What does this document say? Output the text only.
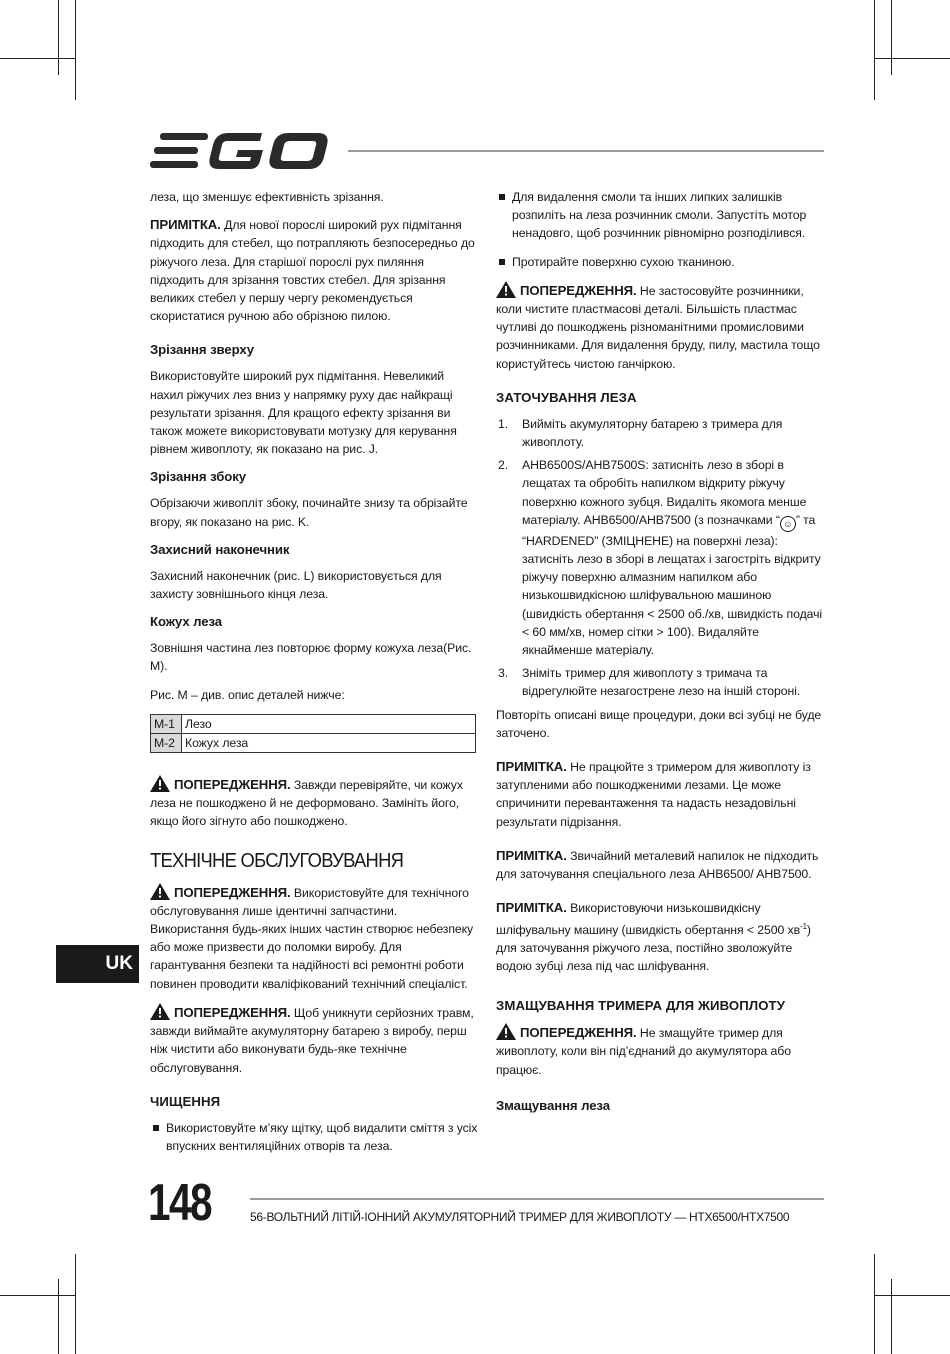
леза, що зменшує ефективність зрізання.

ПРИМІТКА. Для нової порослі широкий рух підмітання підходить для стебел, що потрапляють безпосередньо до ріжучого леза. Для старішої порослі рух пиляння підходить для зрізання товстих стебел. Для зрізання великих стебел у першу чергу рекомендується скористатися ручною або обрізною пилою.

Зрізання зверху

Використовуйте широкий рух підмітання. Невеликий нахил ріжучих лез вниз у напрямку руху дає найкращі результати зрізання. Для кращого ефекту зрізання ви також можете використовувати мотузку для керування рівнем живоплоту, як показано на рис. J.

Зрізання збоку

Обрізаючи живопліт збоку, починайте знизу та обрізайте вгору, як показано на рис. K.

Захисний наконечник

Захисний наконечник (рис. L) використовується для захисту зовнішнього кінця леза.

Кожух леза

Зовнішня частина лез повторює форму кожуха леза(Рис. M).

Рис. M – див. опис деталей нижче:

M-1	Лезо
M-2	Кожух леза

ПОПЕРЕДЖЕННЯ. Завжди перевіряйте, чи кожух леза не пошкоджено й не деформовано. Замініть його, якщо його зігнуто або пошкоджено.

ТЕХНІЧНЕ ОБСЛУГОВУВАННЯ

ПОПЕРЕДЖЕННЯ. Використовуйте для технічного обслуговування лише ідентичні запчастини. Використання будь-яких інших частин створює небезпеку або може призвести до поломки виробу. Для гарантування безпеки та надійності всі ремонтні роботи повинен проводити кваліфікований технічний спеціаліст.

ПОПЕРЕДЖЕННЯ. Щоб уникнути серйозних травм, завжди виймайте акумуляторну батарею з виробу, перш ніж чистити або виконувати будь-яке технічне обслуговування.

ЧИЩЕННЯ
Використовуйте м’яку щітку, щоб видалити сміття з усіх впускних вентиляційних отворів та леза.
Для видалення смоли та інших липких залишків розпиліть на леза розчинник смоли. Запустіть мотор ненадовго, щоб розчинник рівномірно розподілився.
Протирайте поверхню сухою тканиною.

ПОПЕРЕДЖЕННЯ. Не застосовуйте розчинники, коли чистите пластмасові деталі. Більшість пластмас чутливі до пошкоджень різноманітними промисловими розчинниками. Для видалення бруду, пилу, мастила тощо користуйтесь чистою ганчіркою.

ЗАТОЧУВАННЯ ЛЕЗА
1. Вийміть акумуляторну батарею з тримера для живоплоту.
2. AHB6500S/AHB7500S: затисніть лезо в зборі в лещатах та обробіть напилком відкриту ріжучу поверхню кожного зубця. Видаліть якомога менше матеріалу. AHB6500/AHB7500 (з позначками “ ☺ ” та “HARDENED” (ЗМІЦНЕНЕ) на поверхні леза): затисніть лезо в зборі в лещатах і загостріть відкриту ріжучу поверхню алмазним напилком або низькошвидкісною шліфувальною машиною (швидкість обертання < 2500 об./хв, швидкість подачі < 60 мм/хв, номер сітки > 100). Видаляйте якнайменше матеріалу.
3. Зніміть тример для живоплоту з тримача та відрегулюйте незагострене лезо на іншій стороні.

Повторіть описані вище процедури, доки всі зубці не буде заточено.

ПРИМІТКА. Не працюйте з тримером для живоплоту із затупленими або пошкодженими лезами. Це може спричинити перевантаження та надасть незадовільні результати підрізання.

ПРИМІТКА. Звичайний металевий напилок не підходить для заточування спеціального леза AHB6500/ AHB7500.

ПРИМІТКА. Використовуючи низькошвидкісну шліфувальну машину (швидкість обертання < 2500 $хв^{-1}$) для заточування ріжучого леза, постійно зволожуйте водою зубці леза під час шліфування.

ЗМАЩУВАННЯ ТРИМЕРА ДЛЯ ЖИВОПЛОТУ

ПОПЕРЕДЖЕННЯ. Не змащуйте тример для живоплоту, коли він під’єднаний до акумулятора або працює.

Змащування леза
UK
148	56-ВОЛЬТНИЙ ЛІТІЙ-ІОННИЙ АКУМУЛЯТОРНИЙ ТРИМЕР ДЛЯ ЖИВОПЛОТУ — HTX6500/HTX7500
